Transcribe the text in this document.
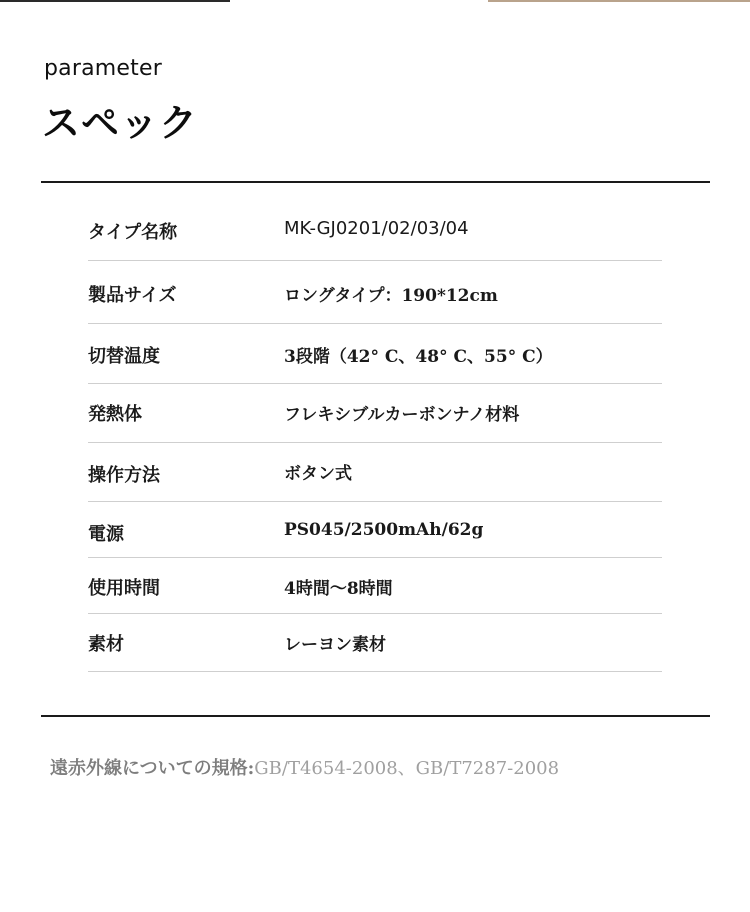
parameter
スペック
タイプ名称	MK-GJ0201/02/03/04
製品サイズ	ロングタイプ：190*12cm
切替温度	3段階（42° C、48° C、55° C）
発熱体	フレキシブルカーボンナノ材料
操作方法	ボタン式
電源	PS045/2500mAh/62g
使用時間	4時間～8時間
素材	レーヨン素材
遠赤外線についての規格:GB/T4654-2008、GB/T7287-2008
